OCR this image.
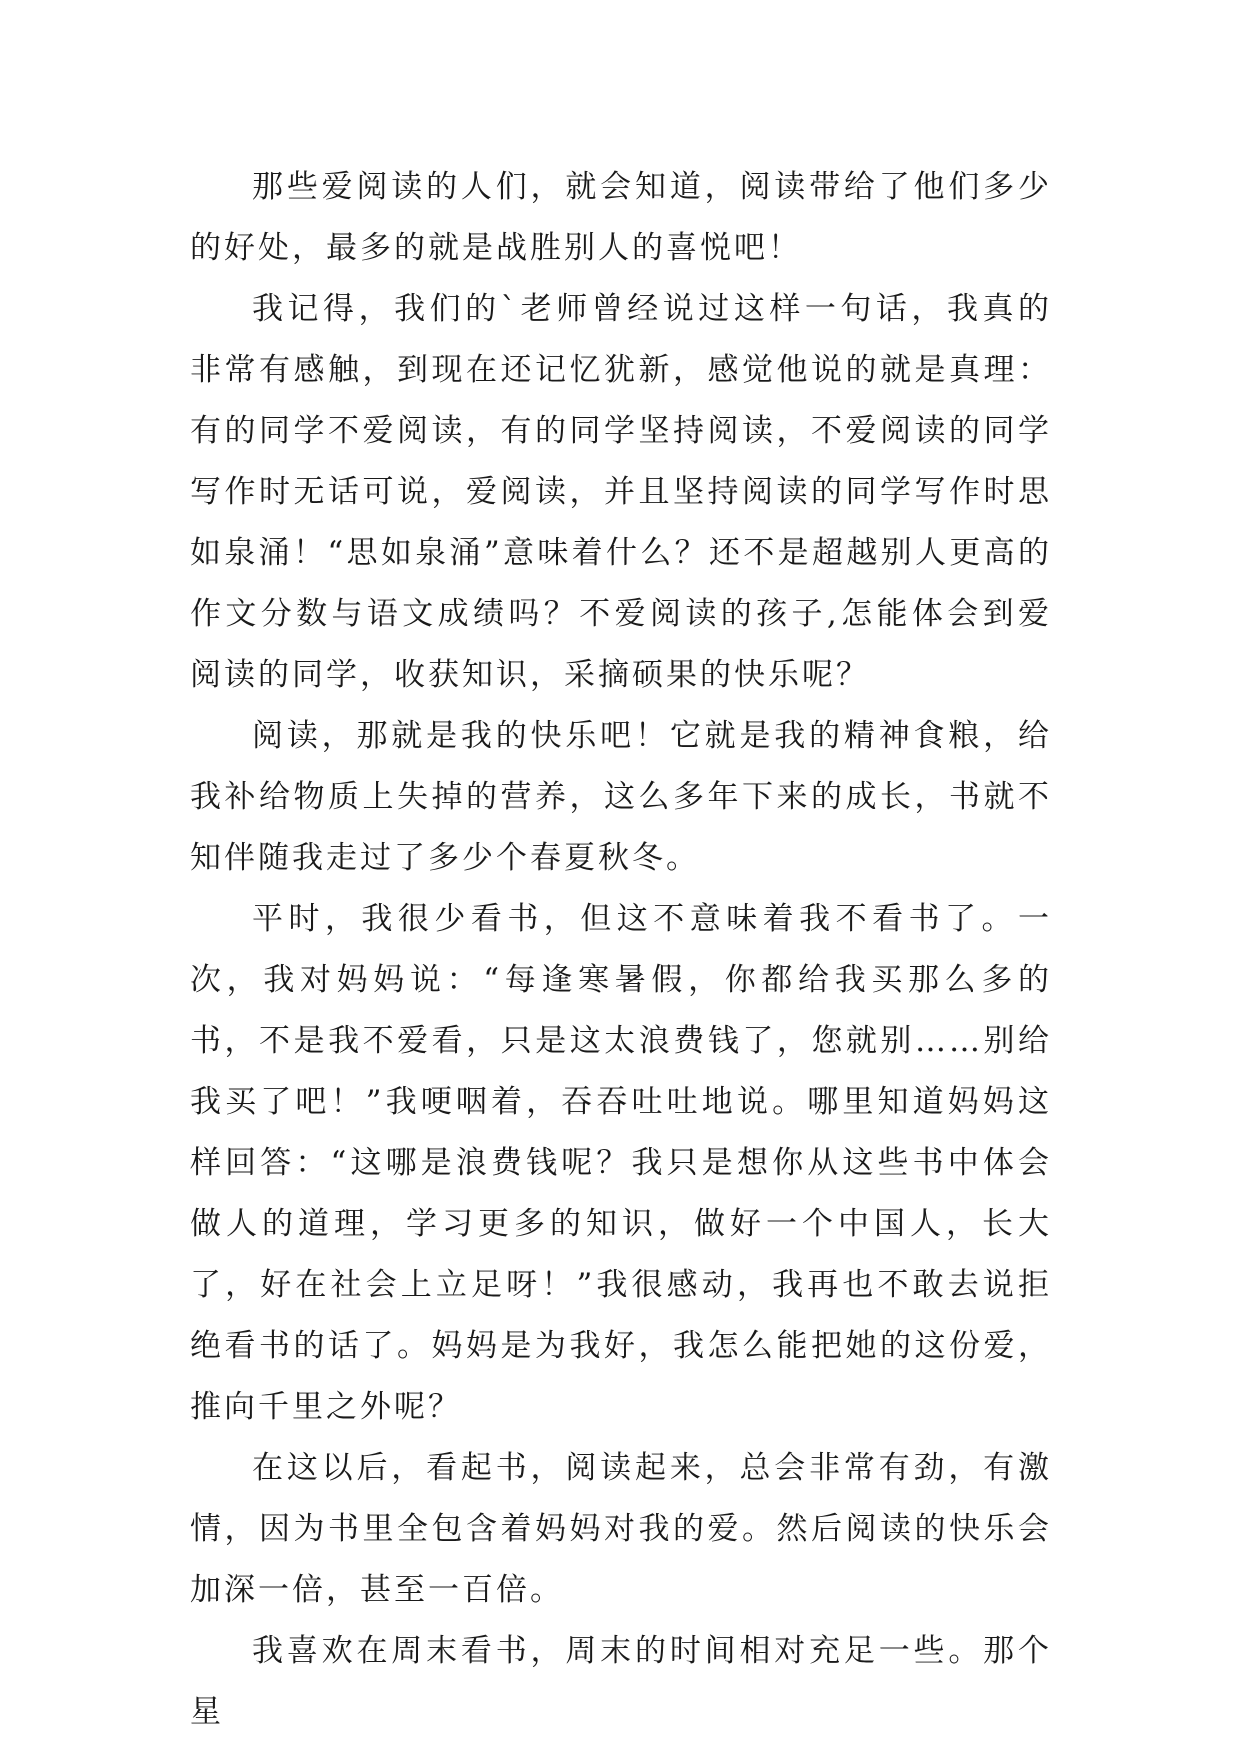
那些爱阅读的人们，就会知道，阅读带给了他们多少的好处，最多的就是战胜别人的喜悦吧！

我记得，我们的`老师曾经说过这样一句话，我真的非常有感触，到现在还记忆犹新，感觉他说的就是真理：有的同学不爱阅读，有的同学坚持阅读，不爱阅读的同学写作时无话可说，爱阅读，并且坚持阅读的同学写作时思如泉涌！“思如泉涌”意味着什么？还不是超越别人更高的作文分数与语文成绩吗？不爱阅读的孩子,怎能体会到爱阅读的同学，收获知识，采摘硕果的快乐呢？

阅读，那就是我的快乐吧！它就是我的精神食粮，给我补给物质上失掉的营养，这么多年下来的成长，书就不知伴随我走过了多少个春夏秋冬。

平时，我很少看书，但这不意味着我不看书了。一次，我对妈妈说：“每逢寒暑假，你都给我买那么多的书，不是我不爱看，只是这太浪费钱了，您就别……别给我买了吧！”我哽咽着，吞吞吐吐地说。哪里知道妈妈这样回答：“这哪是浪费钱呢？我只是想你从这些书中体会做人的道理，学习更多的知识，做好一个中国人，长大了，好在社会上立足呀！”我很感动，我再也不敢去说拒绝看书的话了。妈妈是为我好，我怎么能把她的这份爱，推向千里之外呢？

在这以后，看起书，阅读起来，总会非常有劲，有激情，因为书里全包含着妈妈对我的爱。然后阅读的快乐会加深一倍，甚至一百倍。

我喜欢在周末看书，周末的时间相对充足一些。那个星
